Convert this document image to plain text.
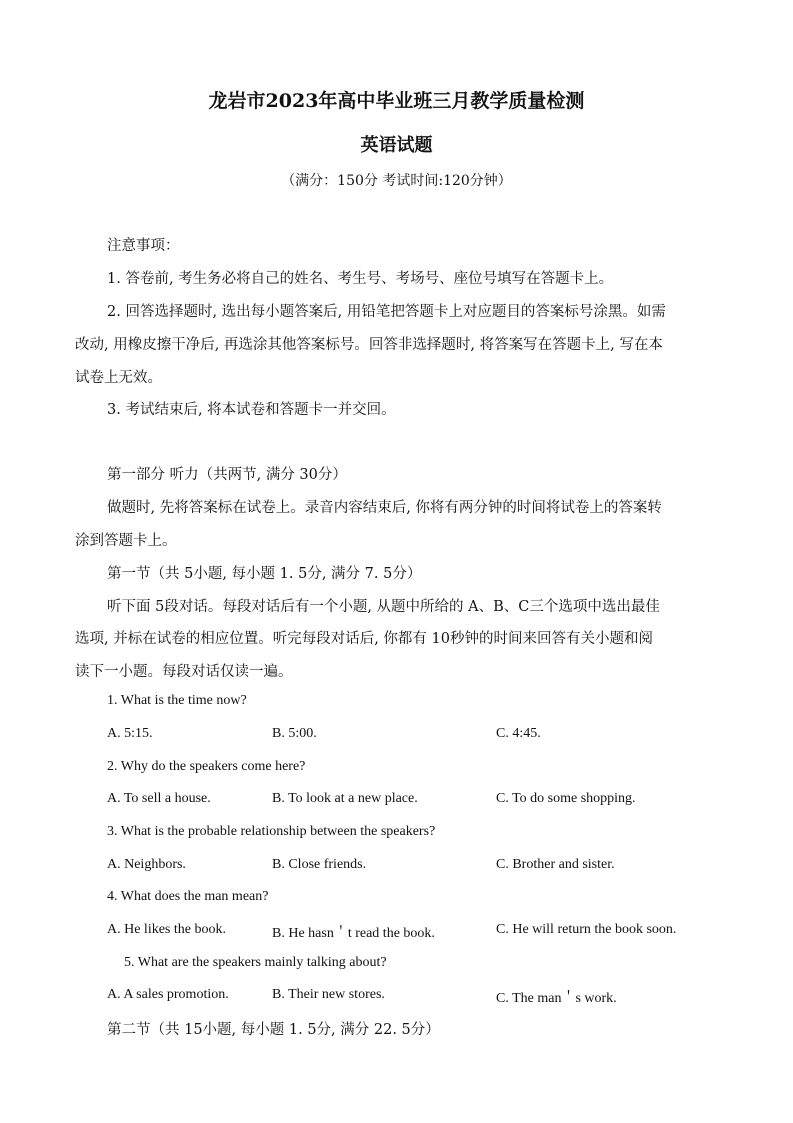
龙岩市2023年高中毕业班三月教学质量检测
英语试题
（满分：150分 考试时间:120分钟）
注意事项：
1. 答卷前, 考生务必将自己的姓名、考生号、考场号、座位号填写在答题卡上。
2. 回答选择题时, 选出每小题答案后, 用铅笔把答题卡上对应题目的答案标号涂黑。如需
改动, 用橡皮擦干净后, 再选涂其他答案标号。回答非选择题时, 将答案写在答题卡上, 写在本
试卷上无效。
3. 考试结束后, 将本试卷和答题卡一并交回。
第一部分 听力（共两节, 满分 30分）
做题时, 先将答案标在试卷上。录音内容结束后, 你将有两分钟的时间将试卷上的答案转
涂到答题卡上。
第一节（共 5小题, 每小题 1. 5分, 满分 7. 5分）
听下面 5段对话。每段对话后有一个小题, 从题中所给的 A、B、C三个选项中选出最佳
选项, 并标在试卷的相应位置。听完每段对话后, 你都有 10秒钟的时间来回答有关小题和阅
读下一小题。每段对话仅读一遍。
1. What is the time now?
A. 5:15.	B. 5:00.	C. 4:45.
2. Why do the speakers come here?
A. To sell a house.	B. To look at a new place.	C. To do some shopping.
3. What is the probable relationship between the speakers?
A. Neighbors.	B. Close friends.	C. Brother and sister.
4. What does the man mean?
A. He likes the book.	B. He hasn＇t read the book.	C. He will return the book soon.
5. What are the speakers mainly talking about?
A. A sales promotion.	B. Their new stores.	C. The man＇s work.
第二节（共 15小题, 每小题 1. 5分, 满分 22. 5分）
